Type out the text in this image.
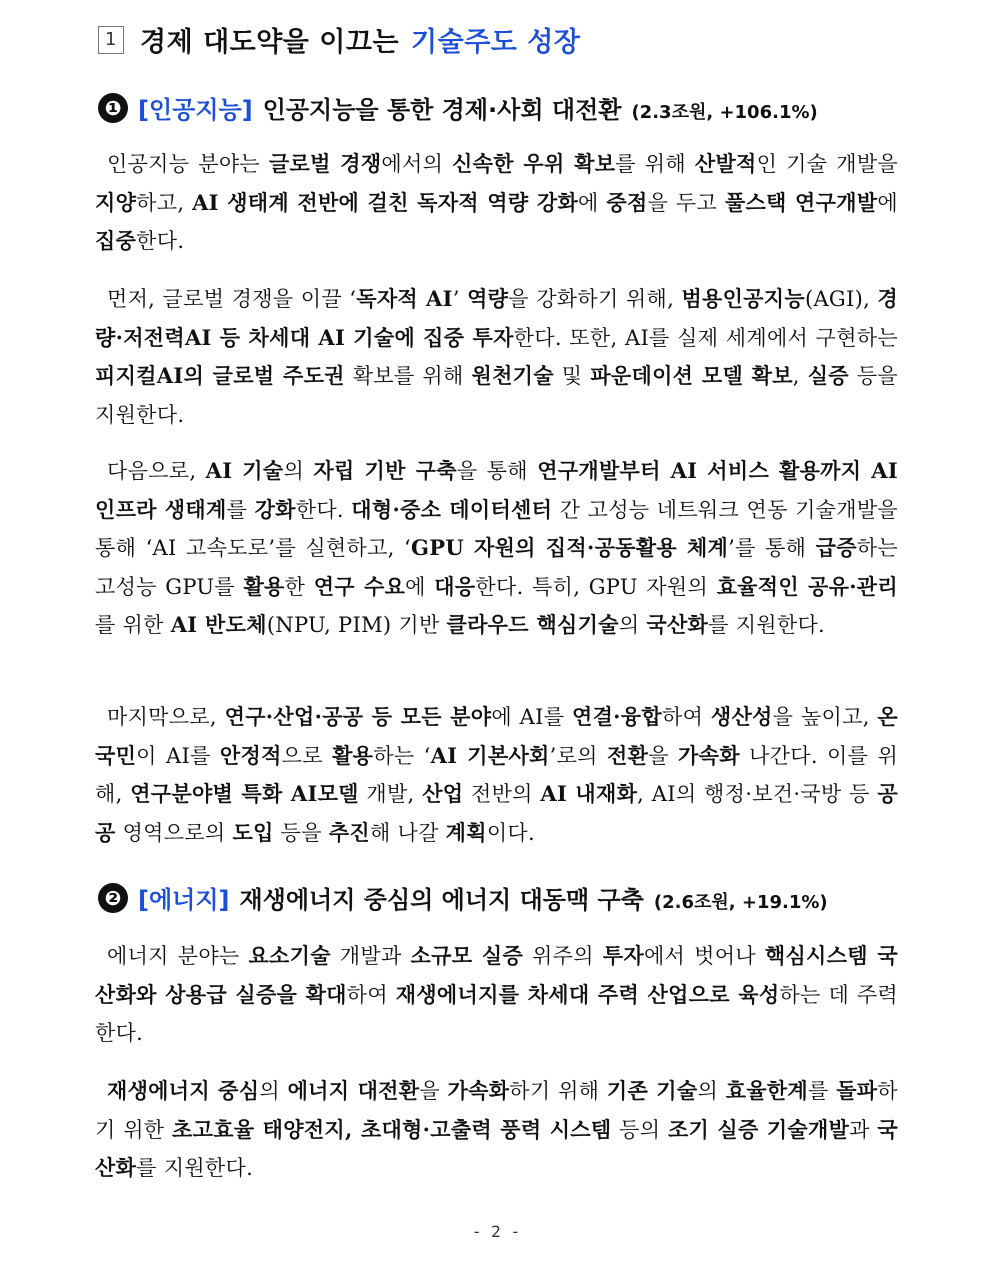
1 경제 대도약을 이끄는 기술주도 성장
❶ [인공지능] 인공지능을 통한 경제·사회 대전환 (2.3조원, +106.1%)

인공지능 분야는 글로벌 경쟁에서의 신속한 우위 확보를 위해 산발적인 기술 개발을 지양하고, AI 생태계 전반에 걸친 독자적 역량 강화에 중점을 두고 풀스택 연구개발에 집중한다.

먼저, 글로벌 경쟁을 이끌 ‘독자적 AI’ 역량을 강화하기 위해, 범용인공지능(AGI), 경량·저전력AI 등 차세대 AI 기술에 집중 투자한다. 또한, AI를 실제 세계에서 구현하는 피지컬AI의 글로벌 주도권 확보를 위해 원천기술 및 파운데이션 모델 확보, 실증 등을 지원한다.

다음으로, AI 기술의 자립 기반 구축을 통해 연구개발부터 AI 서비스 활용까지 AI 인프라 생태계를 강화한다. 대형·중소 데이터센터 간 고성능 네트워크 연동 기술개발을 통해 ‘AI 고속도로’를 실현하고, ‘GPU 자원의 집적·공동활용 체계’를 통해 급증하는 고성능 GPU를 활용한 연구 수요에 대응한다. 특히, GPU 자원의 효율적인 공유·관리를 위한 AI 반도체(NPU, PIM) 기반 클라우드 핵심기술의 국산화를 지원한다.

마지막으로, 연구·산업·공공 등 모든 분야에 AI를 연결·융합하여 생산성을 높이고, 온 국민이 AI를 안정적으로 활용하는 ‘AI 기본사회’로의 전환을 가속화 나간다. 이를 위해, 연구분야별 특화 AI모델 개발, 산업 전반의 AI 내재화, AI의 행정·보건·국방 등 공공 영역으로의 도입 등을 추진해 나갈 계획이다.

❷ [에너지] 재생에너지 중심의 에너지 대동맥 구축 (2.6조원, +19.1%)

에너지 분야는 요소기술 개발과 소규모 실증 위주의 투자에서 벗어나 핵심시스템 국산화와 상용급 실증을 확대하여 재생에너지를 차세대 주력 산업으로 육성하는 데 주력한다.

재생에너지 중심의 에너지 대전환을 가속화하기 위해 기존 기술의 효율한계를 돌파하기 위한 초고효율 태양전지, 초대형·고출력 풍력 시스템 등의 조기 실증 기술개발과 국산화를 지원한다.

- 2 -
